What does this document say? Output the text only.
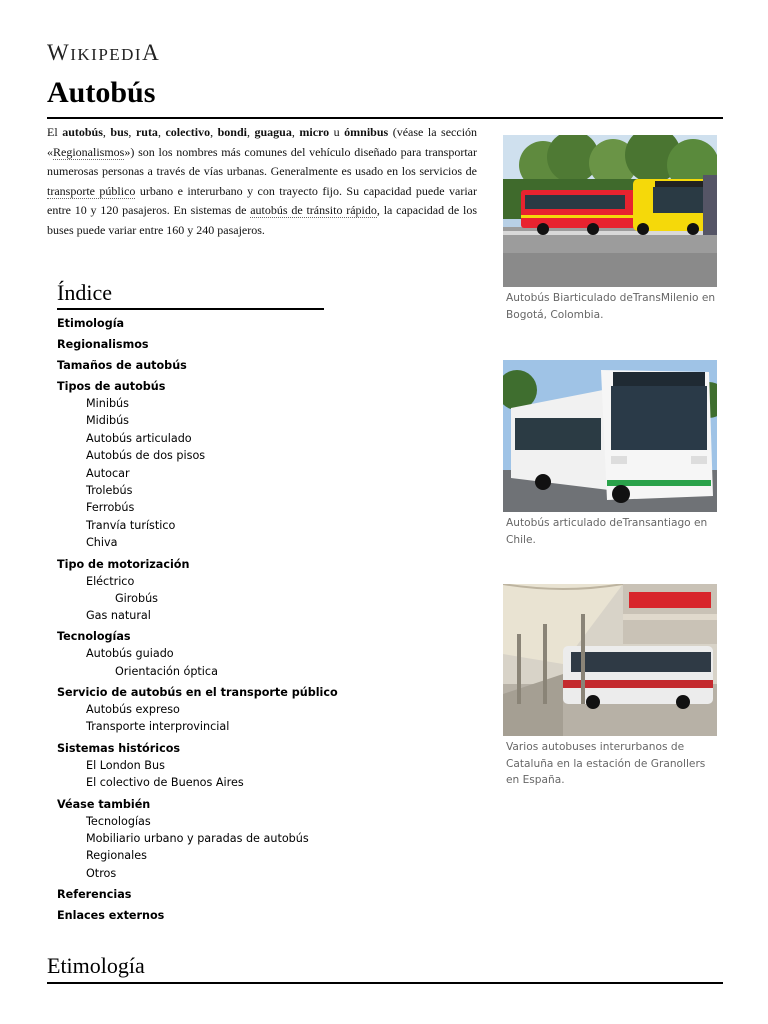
WIKIPEDIA
Autobús

El autobús, bus, ruta, colectivo, bondi, guagua, micro u ómnibus (véase la sección «Regionalismos») son los nombres más comunes del vehículo diseñado para transportar numerosas personas a través de vías urbanas. Generalmente es usado en los servicios de transporte público urbano e interurbano y con trayecto fijo. Su capacidad puede variar entre 10 y 120 pasajeros. En sistemas de autobús de tránsito rápido, la capacidad de los buses puede variar entre 160 y 240 pasajeros.

Índice
Etimología
Regionalismos
Tamaños de autobús
Tipos de autobús
Minibús
Midibús
Autobús articulado
Autobús de dos pisos
Autocar
Trolebús
Ferrobús
Tranvía turístico
Chiva
Tipo de motorización
Eléctrico
Girobús
Gas natural
Tecnologías
Autobús guiado
Orientación óptica
Servicio de autobús en el transporte público
Autobús expreso
Transporte interprovincial
Sistemas históricos
El London Bus
El colectivo de Buenos Aires
Véase también
Tecnologías
Mobiliario urbano y paradas de autobús
Regionales
Otros
Referencias
Enlaces externos
Autobús Biarticulado deTransMilenio en Bogotá, Colombia.
Autobús articulado deTransantiago en Chile.
Varios autobuses interurbanos de Cataluña en la estación de Granollers en España.
Etimología
